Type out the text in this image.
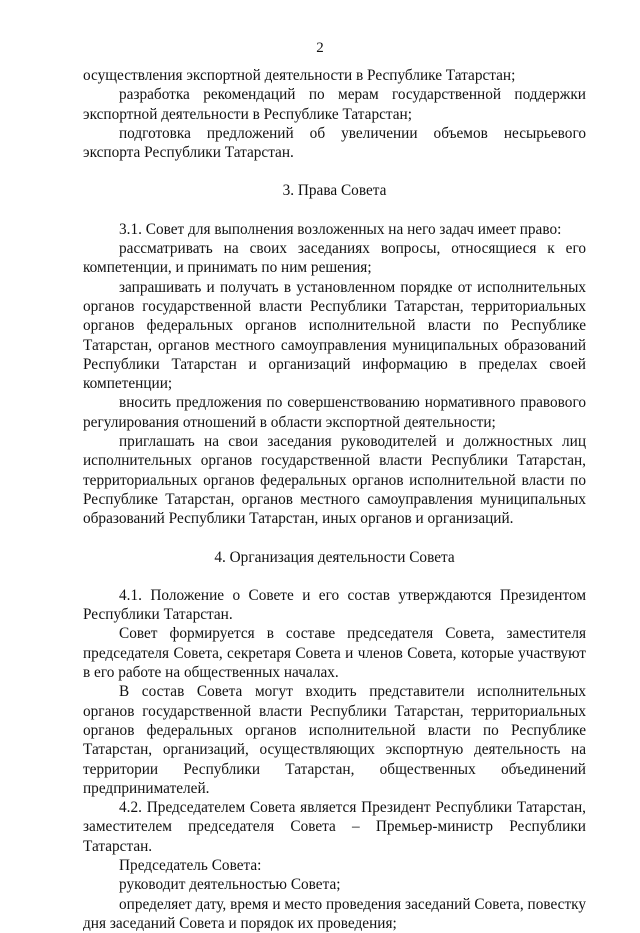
2

осуществления экспортной деятельности в Республике Татарстан;

разработка рекомендаций по мерам государственной поддержки экспортной деятельности в Республике Татарстан;

подготовка предложений об увеличении объемов несырьевого экспорта Республики Татарстан.

3. Права Совета

3.1. Совет для выполнения возложенных на него задач имеет право:

рассматривать на своих заседаниях вопросы, относящиеся к его компетенции, и принимать по ним решения;

запрашивать и получать в установленном порядке от исполнительных органов государственной власти Республики Татарстан, территориальных органов федеральных органов исполнительной власти по Республике Татарстан, органов местного самоуправления муниципальных образований Республики Татарстан и организаций информацию в пределах своей компетенции;

вносить предложения по совершенствованию нормативного правового регулирования отношений в области экспортной деятельности;

приглашать на свои заседания руководителей и должностных лиц исполнительных органов государственной власти Республики Татарстан, территориальных органов федеральных органов исполнительной власти по Республике Татарстан, органов местного самоуправления муниципальных образований Республики Татарстан, иных органов и организаций.

4. Организация деятельности Совета

4.1. Положение о Совете и его состав утверждаются Президентом Республики Татарстан.

Совет формируется в составе председателя Совета, заместителя председателя Совета, секретаря Совета и членов Совета, которые участвуют в его работе на общественных началах.

В состав Совета могут входить представители исполнительных органов государственной власти Республики Татарстан, территориальных органов федеральных органов исполнительной власти по Республике Татарстан, организаций, осуществляющих экспортную деятельность на территории Республики Татарстан, общественных объединений предпринимателей.

4.2. Председателем Совета является Президент Республики Татарстан, заместителем председателя Совета – Премьер-министр Республики Татарстан.

Председатель Совета:

руководит деятельностью Совета;

определяет дату, время и место проведения заседаний Совета, повестку дня заседаний Совета и порядок их проведения;
